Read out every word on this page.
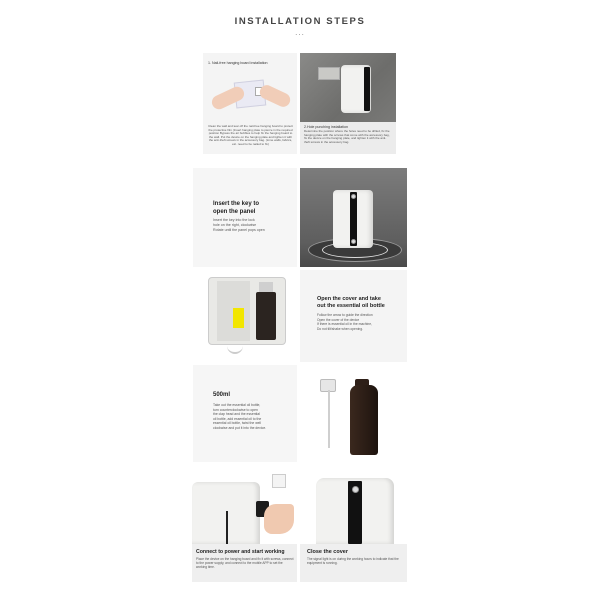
INSTALLATION STEPS
...
1. Nail-free hanging board installation
Clean the wall and tear off the nail-free hanging board to protect the protective film (Insert hanging plate to pierce in the required position Bypass the air bubbles to help fix the hanging board to the wall. Put the device on the hanging plate and tighten it with the anti-theft screws in the accessory bag. (Lime walls, fabrics, etc. need to be nailed to fix)
2.Hole punching installation
Determine the position where the holes need to be drilled, fix the hanging plate with the screws that come with the accessory bag, fix the device on the hanging plate, and tighten it with the anti-theft screws in the accessory bag.
Insert the key to
open the panel
Insert the key into the lock
hole on the right, clockwise
Rotate until the panel pops open
Open the cover and take
out the essential oil bottle
Follow the arrow to guide the direction
Open the cover of the device
If there is essential oil in the machine,
Do not tilt/shake when opening.
500ml
Take out the essential oil bottle,
turn counterclockwise to open
the clap head and the essential
oil bottle, add essential oil to the
essential oil bottle, twist the well
clockwise and put it into the device.
Connect to power and start working
Place the device on the hanging board and fix it with screws, connect to the power supply, and connect to the mobile APP to set the working time.
Close the cover
The signal light is on during the working hours to indicate that the equipment is running.
